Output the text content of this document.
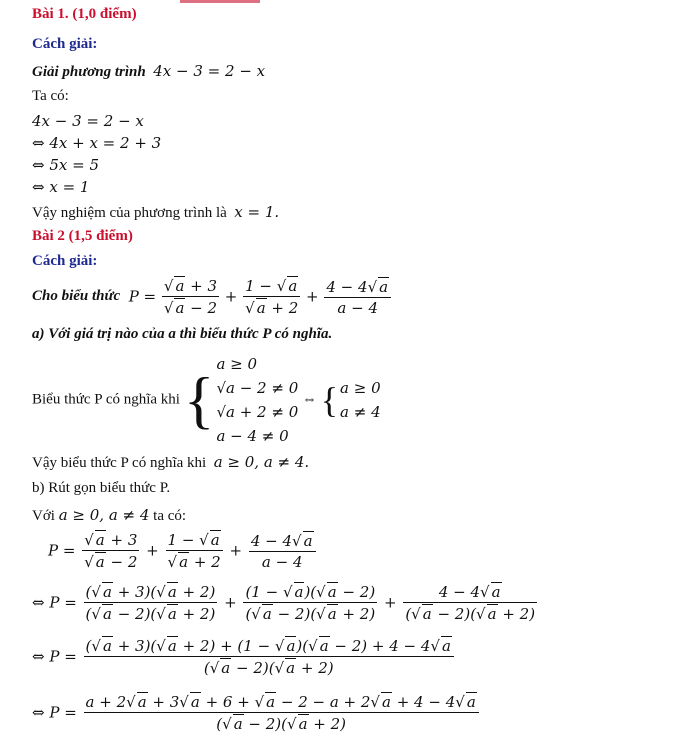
Bài 1. (1,0 điểm)
Cách giải:
Giải phương trình 4x − 3 = 2 − x
Ta có:
4x − 3 = 2 − x
⇔ 4x + x = 2 + 3
⇔ 5x = 5
⇔ x = 1
Vậy nghiệm của phương trình là x = 1.
Bài 2 (1,5 điểm)
Cách giải:
Cho biểu thức  $P = \frac{√ a + 3}{√ a - 2} + \frac{1 - √ a}{√ a + 2} + \frac{4 - 4√ a}{a - 4}$
a) Với giá trị nào của a thì biểu thức P có nghĩa.
Biểu thức P có nghĩa khi { a ≥ 0
√a − 2 ≠ 0
√a + 2 ≠ 0
a − 4 ≠ 0
⇔ { a ≥ 0
a ≠ 4
Vậy biểu thức P có nghĩa khi a ≥ 0, a ≠ 4.
b) Rút gọn biểu thức P.
Với a ≥ 0, a ≠ 4 ta có:
$P = \frac{√ a + 3}{√ a - 2} + \frac{1 - √ a}{√ a + 2} + \frac{4 - 4√ a}{a - 4}$
⇔ $P = \frac{(√ a + 3)(√ a + 2)}{(√ a - 2)(√ a + 2)} + \frac{(1 - √ a)(√ a - 2)}{(√ a - 2)(√ a + 2)} + \frac{4 - 4√ a}{(√ a - 2)(√ a + 2)}$
⇔ $P = \frac{(√ a + 3)(√ a + 2) + (1 - √ a)(√ a - 2) + 4 - 4√ a}{(√ a - 2)(√ a + 2)}$
⇔ $P = \frac{a + 2√ a + 3√ a + 6 + √ a - 2 - a + 2√ a + 4 - 4√ a}{(√ a - 2)(√ a + 2)}$
